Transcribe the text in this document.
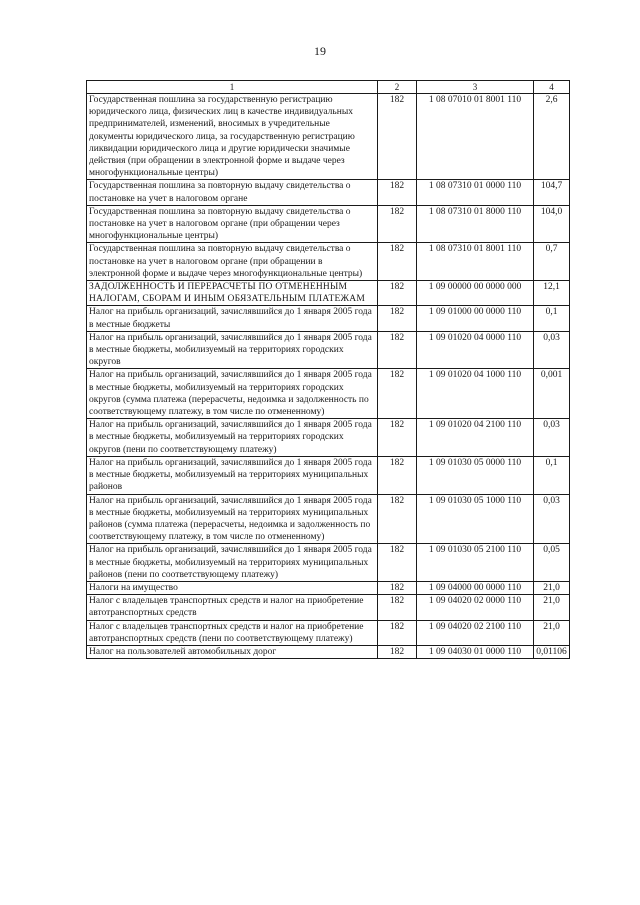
19
1	2	3	4
Государственная пошлина за государственную регистрацию юридического лица, физических лиц в качестве индивидуальных предпринимателей, изменений, вносимых в учредительные документы юридического лица, за государственную регистрацию ликвидации юридического лица и другие юридически значимые действия (при обращении в электронной форме и выдаче через многофункциональные центры)	182	1 08 07010 01 8001 110	2,6
Государственная пошлина за повторную выдачу свидетельства о постановке на учет в налоговом органе	182	1 08 07310 01 0000 110	104,7
Государственная пошлина за повторную выдачу свидетельства о постановке на учет в налоговом органе (при обращении через многофункциональные центры)	182	1 08 07310 01 8000 110	104,0
Государственная пошлина за повторную выдачу свидетельства о постановке на учет в налоговом органе (при обращении в электронной форме и выдаче через многофункциональные центры)	182	1 08 07310 01 8001 110	0,7
ЗАДОЛЖЕННОСТЬ И ПЕРЕРАСЧЕТЫ ПО ОТМЕНЕННЫМ НАЛОГАМ, СБОРАМ И ИНЫМ ОБЯЗАТЕЛЬНЫМ ПЛАТЕЖАМ	182	1 09 00000 00 0000 000	12,1
Налог на прибыль организаций, зачислявшийся до 1 января 2005 года в местные бюджеты	182	1 09 01000 00 0000 110	0,1
Налог на прибыль организаций, зачислявшийся до 1 января 2005 года в местные бюджеты, мобилизуемый на территориях городских округов	182	1 09 01020 04 0000 110	0,03
Налог на прибыль организаций, зачислявшийся до 1 января 2005 года в местные бюджеты, мобилизуемый на территориях городских округов (сумма платежа (перерасчеты, недоимка и задолженность по соответствующему платежу, в том числе по отмененному)	182	1 09 01020 04 1000 110	0,001
Налог на прибыль организаций, зачислявшийся до 1 января 2005 года в местные бюджеты, мобилизуемый на территориях городских округов (пени по соответствующему платежу)	182	1 09 01020 04 2100 110	0,03
Налог на прибыль организаций, зачислявшийся до 1 января 2005 года в местные бюджеты, мобилизуемый на территориях муниципальных районов	182	1 09 01030 05 0000 110	0,1
Налог на прибыль организаций, зачислявшийся до 1 января 2005 года в местные бюджеты, мобилизуемый на территориях муниципальных районов (сумма платежа (перерасчеты, недоимка и задолженность по соответствующему платежу, в том числе по отмененному)	182	1 09 01030 05 1000 110	0,03
Налог на прибыль организаций, зачислявшийся до 1 января 2005 года в местные бюджеты, мобилизуемый на территориях муниципальных районов (пени по соответствующему платежу)	182	1 09 01030 05 2100 110	0,05
Налоги на имущество	182	1 09 04000 00 0000 110	21,0
Налог с владельцев транспортных средств и налог на приобретение автотранспортных средств	182	1 09 04020 02 0000 110	21,0
Налог с владельцев транспортных средств и налог на приобретение автотранспортных средств (пени по соответствующему платежу)	182	1 09 04020 02 2100 110	21,0
Налог на пользователей автомобильных дорог	182	1 09 04030 01 0000 110	0,01106
